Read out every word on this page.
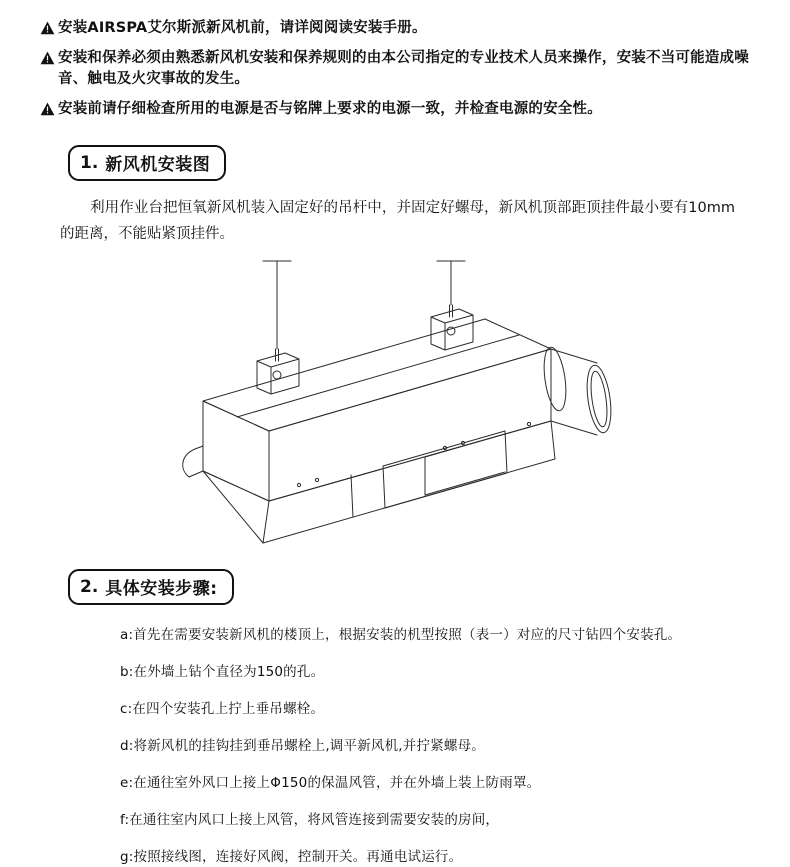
安装AIRSPA艾尔斯派新风机前，请详阅阅读安装手册。
安装和保养必须由熟悉新风机安装和保养规则的由本公司指定的专业技术人员来操作，安装不当可能造成噪音、触电及火灾事故的发生。
安装前请仔细检查所用的电源是否与铭牌上要求的电源一致，并检查电源的安全性。
1. 新风机安装图
利用作业台把恒氧新风机装入固定好的吊杆中，并固定好螺母，新风机顶部距顶挂件最小要有10mm的距离，不能贴紧顶挂件。
2. 具体安装步骤:
a:首先在需要安装新风机的楼顶上，根据安装的机型按照（表一）对应的尺寸钻四个安装孔。
b:在外墙上钻个直径为150的孔。
c:在四个安装孔上拧上垂吊螺栓。
d:将新风机的挂钩挂到垂吊螺栓上,调平新风机,并拧紧螺母。
e:在通往室外风口上接上Φ150的保温风管，并在外墙上装上防雨罩。
f:在通往室内风口上接上风管，将风管连接到需要安装的房间，
g:按照接线图，连接好风阀，控制开关。再通电试运行。
